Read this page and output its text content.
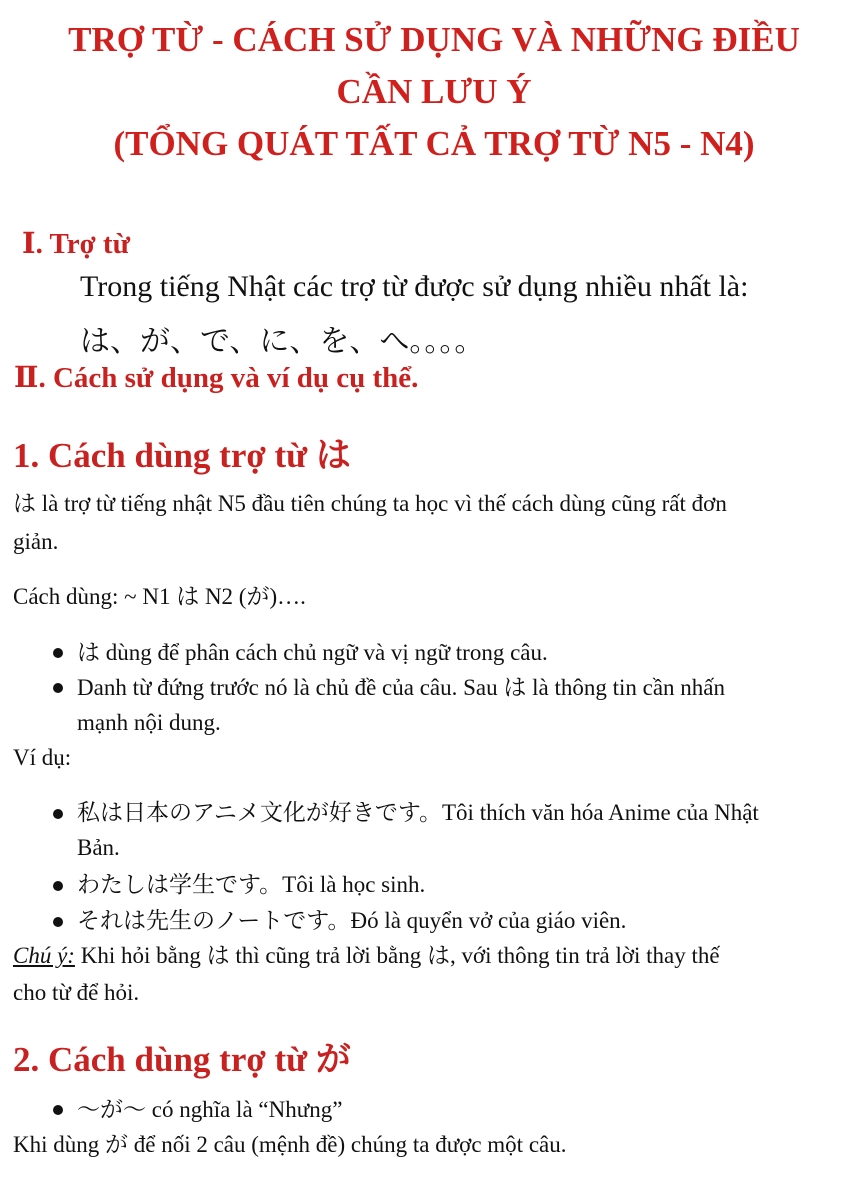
TRỢ TỪ - CÁCH SỬ DỤNG VÀ NHỮNG ĐIỀU
CẦN LƯU Ý
(TỔNG QUÁT TẤT CẢ TRỢ TỪ N5 - N4)
Ⅰ. Trợ từ

Trong tiếng Nhật các trợ từ được sử dụng nhiều nhất là:

は、が、で、に、を、へ。。。。

Ⅱ. Cách sử dụng và ví dụ cụ thể.
1. Cách dùng trợ từ は

は là trợ từ tiếng nhật N5 đầu tiên chúng ta học vì thế cách dùng cũng rất đơn

giản.

Cách dùng: ~ N1 は N2 (が)….

は dùng để phân cách chủ ngữ và vị ngữ trong câu.

Danh từ đứng trước nó là chủ đề của câu. Sau は là thông tin cần nhấn

mạnh nội dung.

Ví dụ:

私は日本のアニメ文化が好きです。Tôi thích văn hóa Anime của Nhật

Bản.

わたしは学生です。Tôi là học sinh.

それは先生のノートです。Đó là quyển vở của giáo viên.

Chú ý: Khi hỏi bằng は thì cũng trả lời bằng は, với thông tin trả lời thay thế

cho từ để hỏi.

2. Cách dùng trợ từ が

～が～ có nghĩa là “Nhưng”

Khi dùng が để nối 2 câu (mệnh đề) chúng ta được một câu.
